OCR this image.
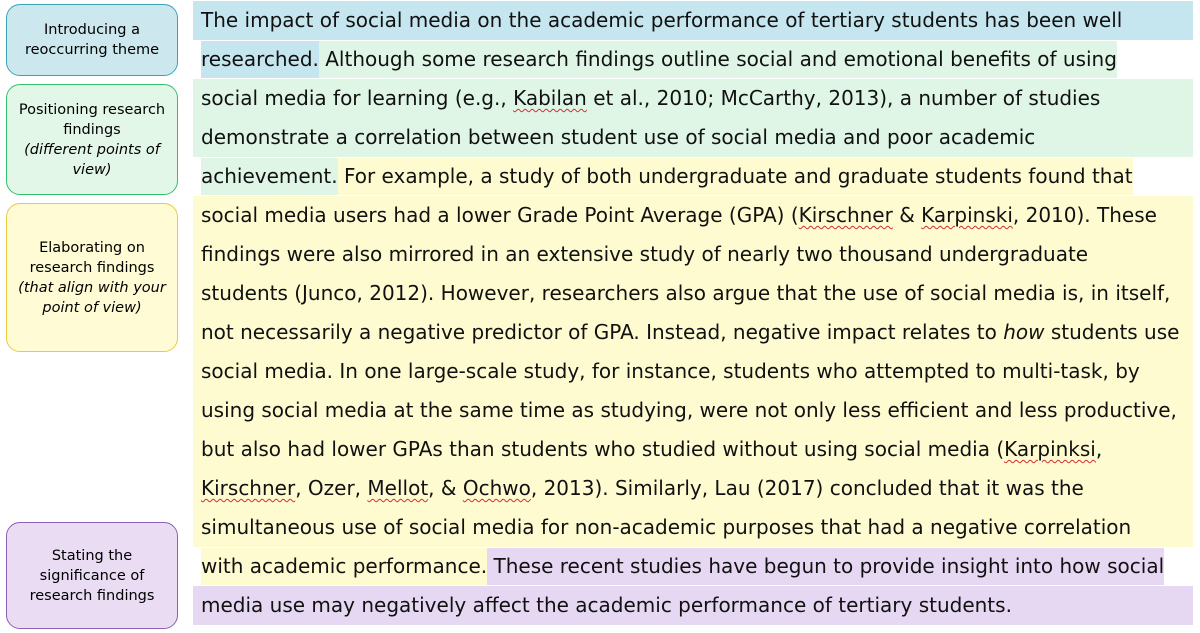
Introducing a reoccurring theme
Positioning research findings
(different points of view)
Elaborating on research findings
(that align with your point of view)
Stating the significance of research findings
The impact of social media on the academic performance of tertiary students has been well
researched. Although some research findings outline social and emotional benefits of using
social media for learning (e.g., Kabilan et al., 2010; McCarthy, 2013), a number of studies
demonstrate a correlation between student use of social media and poor academic
achievement. For example, a study of both undergraduate and graduate students found that
social media users had a lower Grade Point Average (GPA) (Kirschner & Karpinski, 2010). These
findings were also mirrored in an extensive study of nearly two thousand undergraduate
students (Junco, 2012). However, researchers also argue that the use of social media is, in itself,
not necessarily a negative predictor of GPA. Instead, negative impact relates to how students use
social media. In one large-scale study, for instance, students who attempted to multi-task, by
using social media at the same time as studying, were not only less efficient and less productive,
but also had lower GPAs than students who studied without using social media (Karpinksi,
Kirschner, Ozer, Mellot, & Ochwo, 2013). Similarly, Lau (2017) concluded that it was the
simultaneous use of social media for non-academic purposes that had a negative correlation
with academic performance. These recent studies have begun to provide insight into how social
media use may negatively affect the academic performance of tertiary students.
